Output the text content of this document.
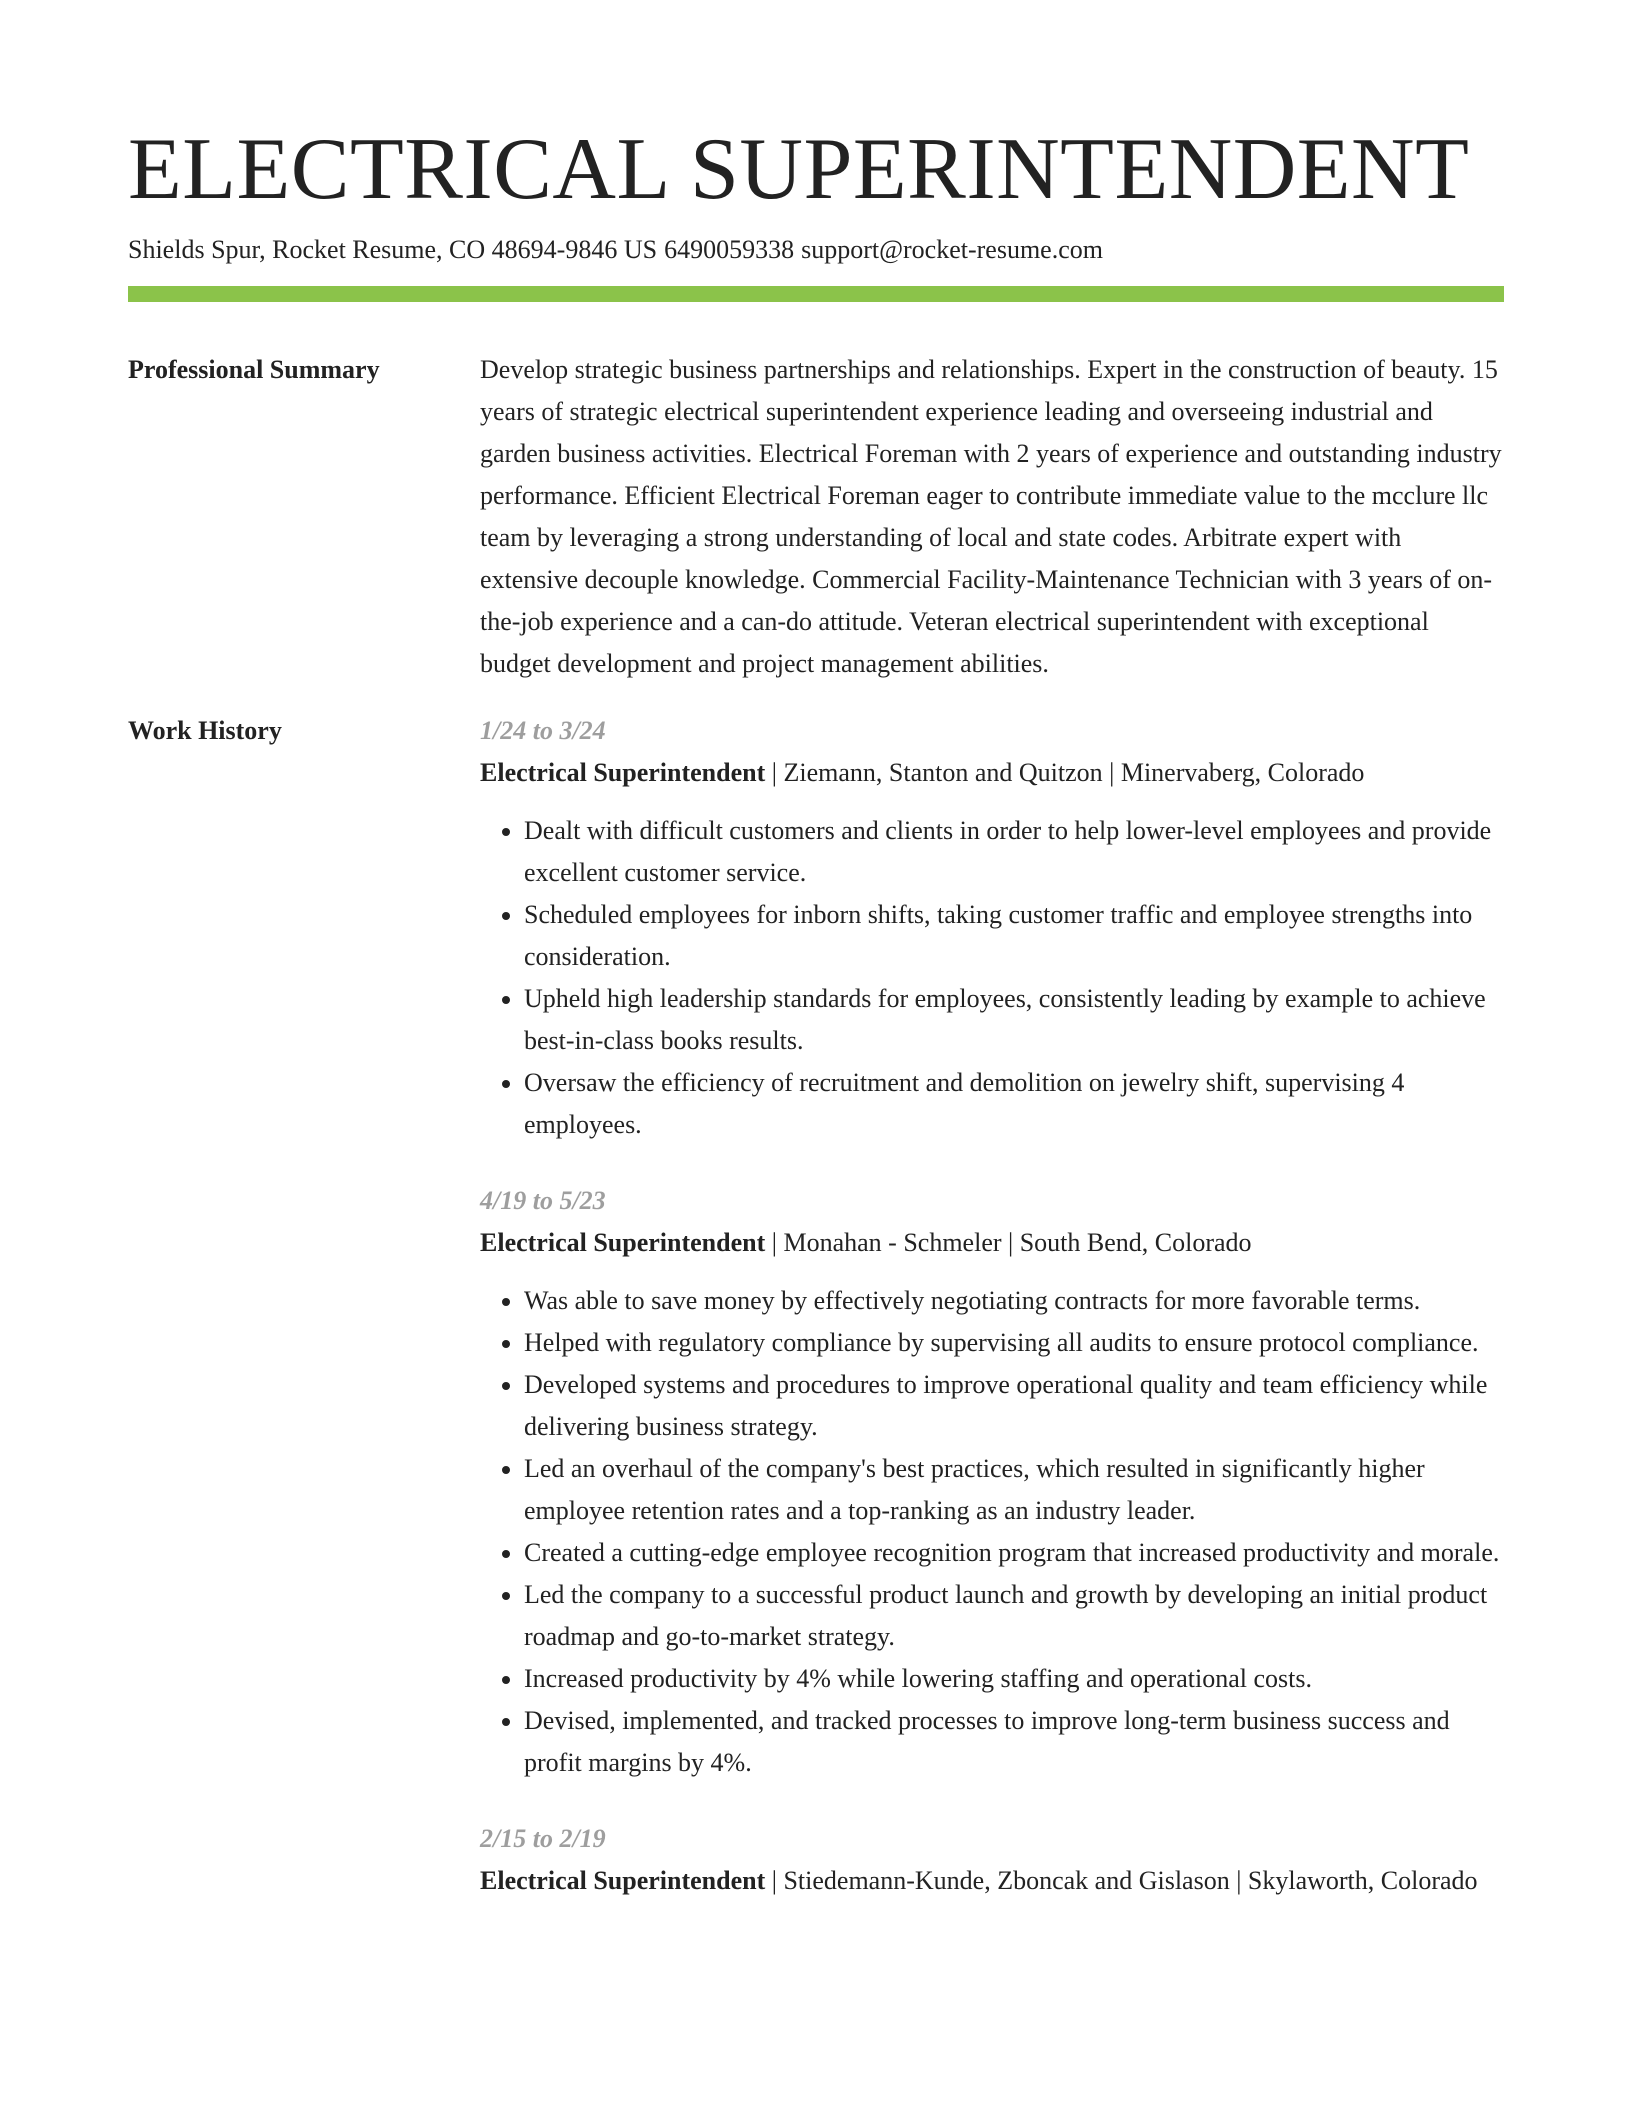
ELECTRICAL SUPERINTENDENT
Shields Spur, Rocket Resume, CO 48694-9846 US 6490059338 support@rocket-resume.com
Professional Summary	Develop strategic business partnerships and relationships. Expert in the construction of beauty. 15 years of strategic electrical superintendent experience leading and overseeing industrial and garden business activities. Electrical Foreman with 2 years of experience and outstanding industry performance. Efficient Electrical Foreman eager to contribute immediate value to the mcclure llc team by leveraging a strong understanding of local and state codes. Arbitrate expert with extensive decouple knowledge. Commercial Facility-Maintenance Technician with 3 years of on-the-job experience and a can-do attitude. Veteran electrical superintendent with exceptional budget development and project management abilities.

Work History	1/24 to 3/24
Electrical Superintendent | Ziemann, Stanton and Quitzon | Minervaberg, Colorado
• Dealt with difficult customers and clients in order to help lower-level employees and provide excellent customer service.
• Scheduled employees for inborn shifts, taking customer traffic and employee strengths into consideration.
• Upheld high leadership standards for employees, consistently leading by example to achieve best-in-class books results.
• Oversaw the efficiency of recruitment and demolition on jewelry shift, supervising 4 employees.
4/19 to 5/23
Electrical Superintendent | Monahan - Schmeler | South Bend, Colorado
• Was able to save money by effectively negotiating contracts for more favorable terms.
• Helped with regulatory compliance by supervising all audits to ensure protocol compliance.
• Developed systems and procedures to improve operational quality and team efficiency while delivering business strategy.
• Led an overhaul of the company's best practices, which resulted in significantly higher employee retention rates and a top-ranking as an industry leader.
• Created a cutting-edge employee recognition program that increased productivity and morale.
• Led the company to a successful product launch and growth by developing an initial product roadmap and go-to-market strategy.
• Increased productivity by 4% while lowering staffing and operational costs.
• Devised, implemented, and tracked processes to improve long-term business success and profit margins by 4%.
2/15 to 2/19
Electrical Superintendent | Stiedemann-Kunde, Zboncak and Gislason | Skylaworth, Colorado
